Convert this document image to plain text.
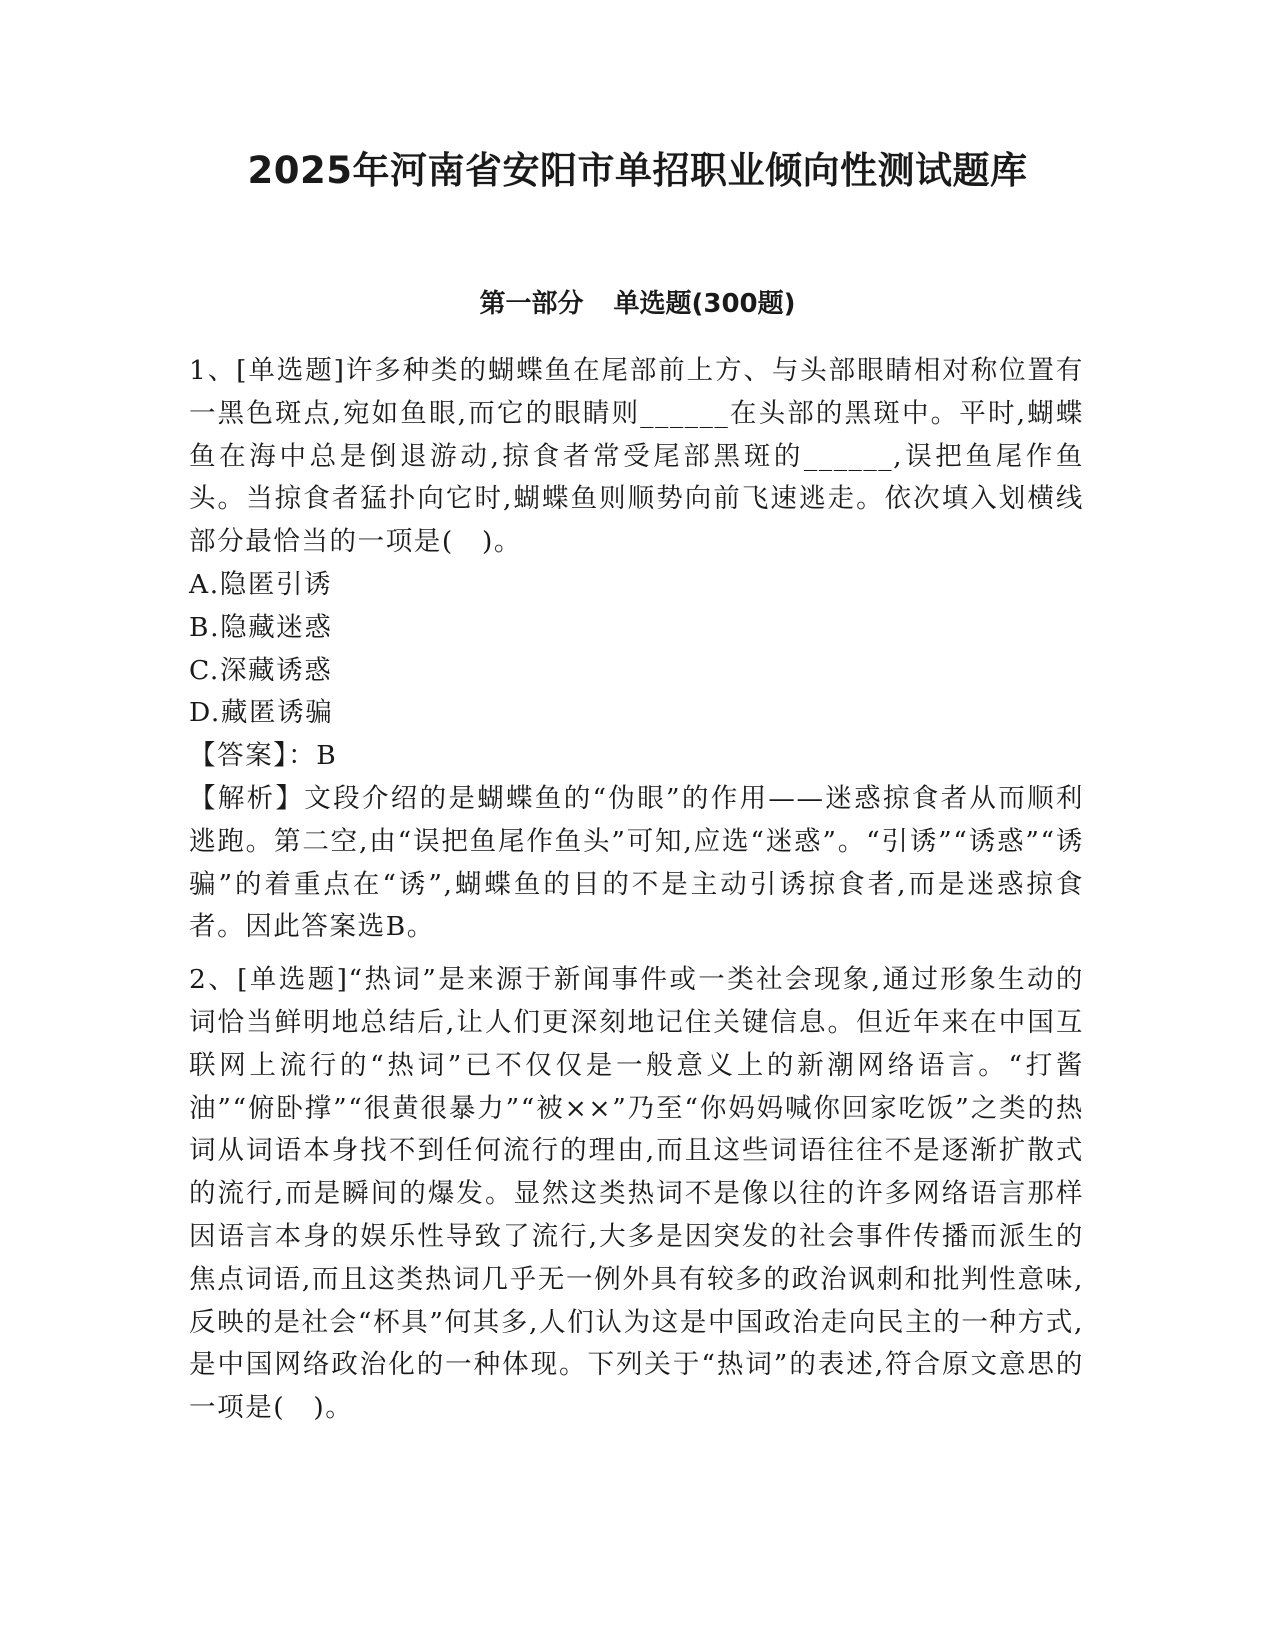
2025年河南省安阳市单招职业倾向性测试题库
第一部分 单选题(300题)

1、[单选题]许多种类的蝴蝶鱼在尾部前上方、与头部眼睛相对称位置有一黑色斑点,宛如鱼眼,而它的眼睛则______在头部的黑斑中。平时,蝴蝶鱼在海中总是倒退游动,掠食者常受尾部黑斑的______,误把鱼尾作鱼头。当掠食者猛扑向它时,蝴蝶鱼则顺势向前飞速逃走。依次填入划横线部分最恰当的一项是(　)。

A.隐匿引诱

B.隐藏迷惑

C.深藏诱惑

D.藏匿诱骗

【答案】：B

【解析】文段介绍的是蝴蝶鱼的“伪眼”的作用——迷惑掠食者从而顺利逃跑。第二空,由“误把鱼尾作鱼头”可知,应选“迷惑”。“引诱”“诱惑”“诱骗”的着重点在“诱”,蝴蝶鱼的目的不是主动引诱掠食者,而是迷惑掠食者。因此答案选B。

2、[单选题]“热词”是来源于新闻事件或一类社会现象,通过形象生动的词恰当鲜明地总结后,让人们更深刻地记住关键信息。但近年来在中国互联网上流行的“热词”已不仅仅是一般意义上的新潮网络语言。“打酱油”“俯卧撑”“很黄很暴力”“被××”乃至“你妈妈喊你回家吃饭”之类的热词从词语本身找不到任何流行的理由,而且这些词语往往不是逐渐扩散式的流行,而是瞬间的爆发。显然这类热词不是像以往的许多网络语言那样因语言本身的娱乐性导致了流行,大多是因突发的社会事件传播而派生的焦点词语,而且这类热词几乎无一例外具有较多的政治讽刺和批判性意味,反映的是社会“杯具”何其多,人们认为这是中国政治走向民主的一种方式,是中国网络政治化的一种体现。下列关于“热词”的表述,符合原文意思的一项是(　)。
